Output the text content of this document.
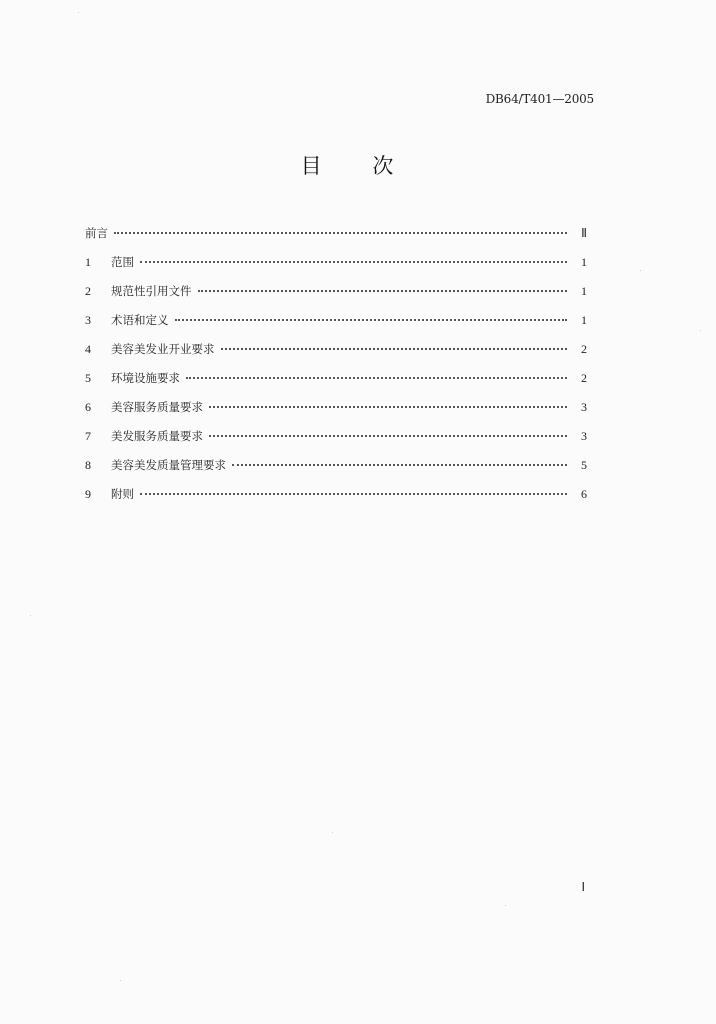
DB64/T401—2005
目 次
前言	Ⅱ
1	范围	1
2	规范性引用文件	1
3	术语和定义	1
4	美容美发业开业要求	2
5	环境设施要求	2
6	美容服务质量要求	3
7	美发服务质量要求	3
8	美容美发质量管理要求	5
9	附则	6
Ⅰ
